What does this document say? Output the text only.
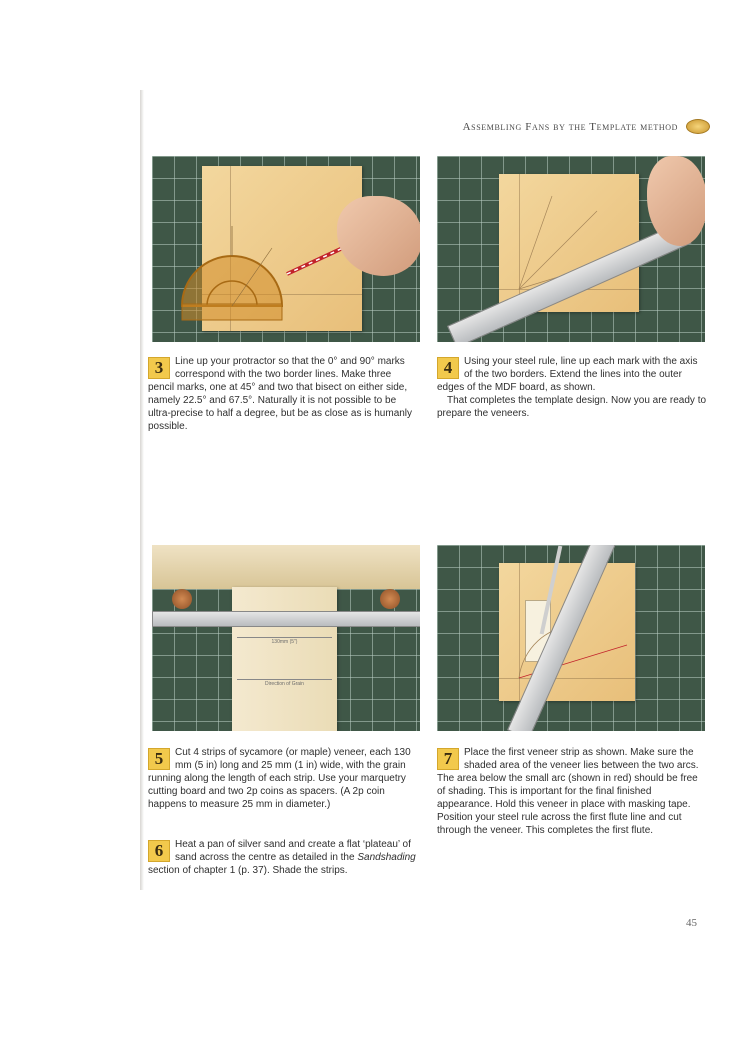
Assembling Fans by the Template method
3	Line up your protractor so that the 0° and 90° marks correspond with the two border lines. Make three pencil marks, one at 45° and two that bisect on either side, namely 22.5° and 67.5°. Naturally it is not possible to be ultra-precise to half a degree, but be as close as is humanly possible.

4	Using your steel rule, line up each mark with the axis of the two borders. Extend the lines into the outer edges of the MDF board, as shown.

That completes the template design. Now you are ready to prepare the veneers.

130mm (5")
Direction of Grain
5	Cut 4 strips of sycamore (or maple) veneer, each 130 mm (5 in) long and 25 mm (1 in) wide, with the grain running along the length of each strip. Use your marquetry cutting board and two 2p coins as spacers. (A 2p coin happens to measure 25 mm in diameter.)

6	Heat a pan of silver sand and create a flat ‘plateau’ of sand across the centre as detailed in the Sandshading section of chapter 1 (p. 37). Shade the strips.

7	Place the first veneer strip as shown. Make sure the shaded area of the veneer lies between the two arcs. The area below the small arc (shown in red) should be free of shading. This is important for the final finished appearance. Hold this veneer in place with masking tape. Position your steel rule across the first flute line and cut through the veneer. This completes the first flute.

45
